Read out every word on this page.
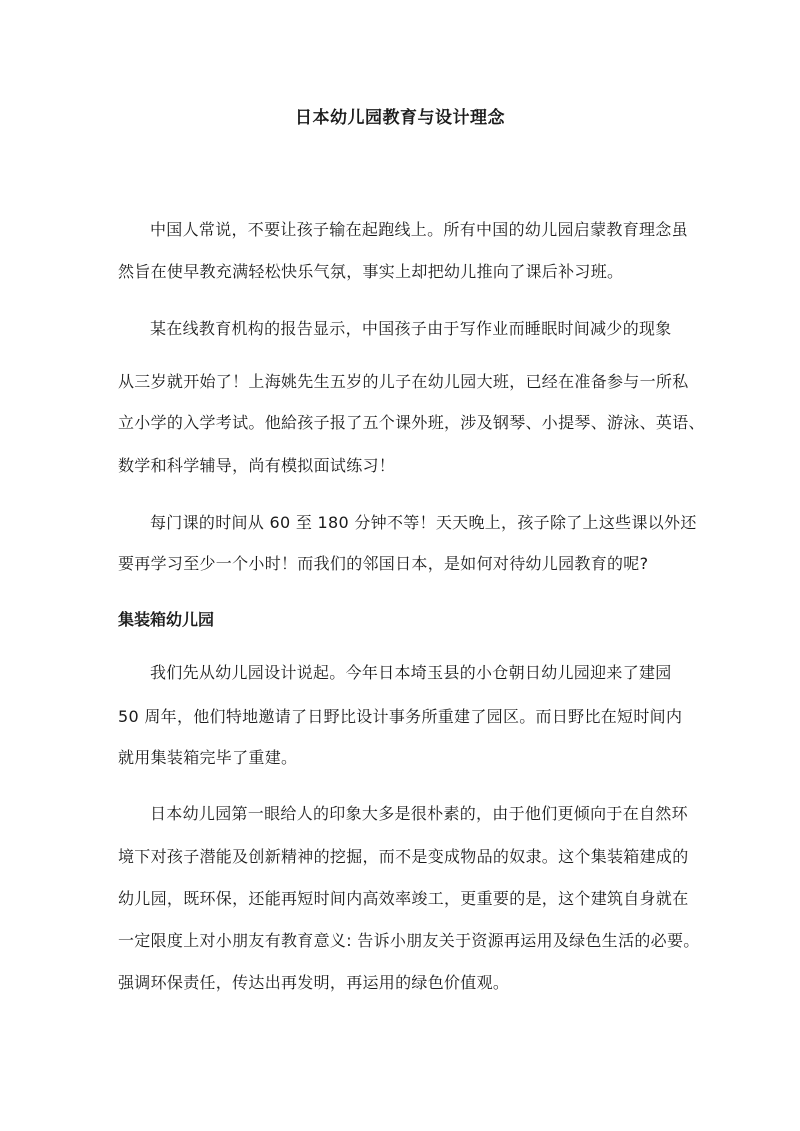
日本幼儿园教育与设计理念
中国人常说，不要让孩子输在起跑线上。所有中国的幼儿园启蒙教育理念虽
然旨在使早教充满轻松快乐气氛，事实上却把幼儿推向了课后补习班。
某在线教育机构的报告显示，中国孩子由于写作业而睡眠时间减少的现象
从三岁就开始了！上海姚先生五岁的儿子在幼儿园大班，已经在准备参与一所私
立小学的入学考试。他給孩子报了五个课外班，涉及钢琴、小提琴、游泳、英语、
数学和科学辅导，尚有模拟面试练习！
每门课的时间从 60 至 180 分钟不等！天天晚上，孩子除了上这些课以外还
要再学习至少一个小时！而我们的邻国日本，是如何对待幼儿园教育的呢?
集装箱幼儿园
我们先从幼儿园设计说起。今年日本埼玉县的小仓朝日幼儿园迎来了建园
50 周年，他们特地邀请了日野比设计事务所重建了园区。而日野比在短时间内
就用集装箱完毕了重建。
日本幼儿园第一眼给人的印象大多是很朴素的，由于他们更倾向于在自然环
境下对孩子潜能及创新精神的挖掘，而不是变成物品的奴隶。这个集装箱建成的
幼儿园，既环保，还能再短时间内高效率竣工，更重要的是，这个建筑自身就在
一定限度上对小朋友有教育意义: 告诉小朋友关于资源再运用及绿色生活的必要。
强调环保责任，传达出再发明，再运用的绿色价值观。
